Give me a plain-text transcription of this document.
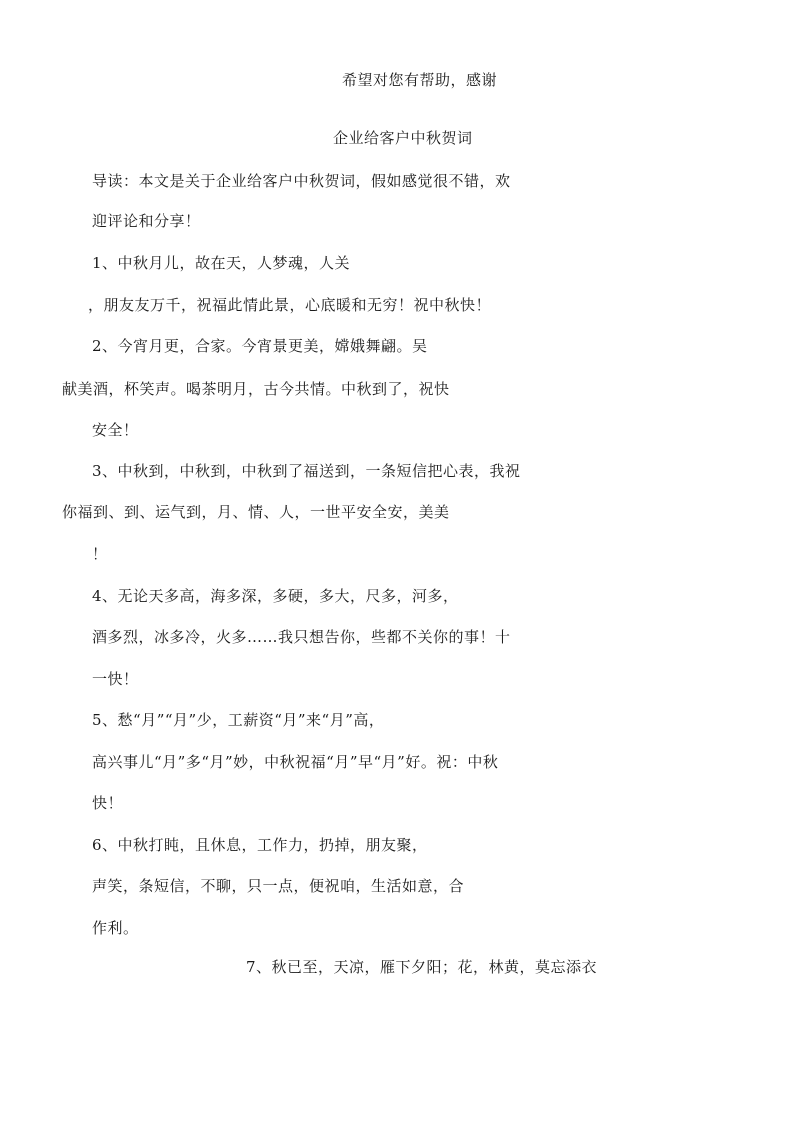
希望对您有帮助，感谢
企业给客户中秋贺词
导读：本文是关于企业给客户中秋贺词，假如感觉很不错，欢
迎评论和分享！
1、中秋月儿，故在天，人梦魂，人关
，朋友友万千，祝福此情此景，心底暖和无穷！祝中秋快！
2、今宵月更，合家。今宵景更美，嫦娥舞翩。吴
献美酒，杯笑声。喝茶明月，古今共情。中秋到了，祝快
安全！
3、中秋到，中秋到，中秋到了福送到，一条短信把心表，我祝
你福到、到、运气到，月、情、人，一世平安全安，美美
！
4、无论天多高，海多深，多硬，多大，尺多，河多，
酒多烈，冰多冷，火多……我只想告你，些都不关你的事！十
一快！
5、愁“月”“月”少，工薪资“月”来“月”高，
高兴事儿“月”多“月”妙，中秋祝福“月”早“月”好。祝：中秋
快！
6、中秋打盹，且休息，工作力，扔掉，朋友聚，
声笑，条短信，不聊，只一点，便祝咱，生活如意，合
作利。
7、秋已至，天凉，雁下夕阳；花，林黄，莫忘添衣
